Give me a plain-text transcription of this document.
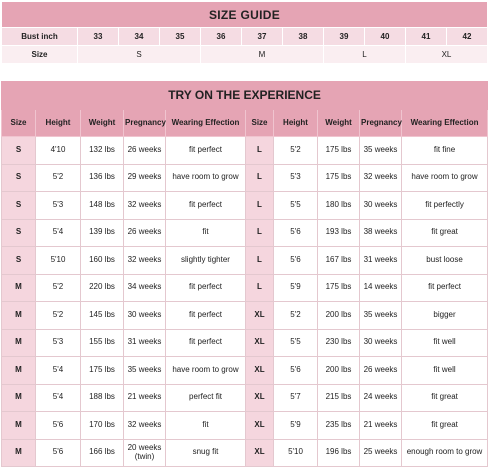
SIZE GUIDE										
Bust inch	33	34	35	36	37	38	39	40	41	42
Size	S			M			L		XL	
TRY ON THE EXPERIENCE									
Size	Height	Weight	Pregnancy	Wearing Effection	Size	Height	Weight	Pregnancy	Wearing Effection
S	4'10	132 lbs	26 weeks	fit perfect	L	5'2	175 lbs	35 weeks	fit fine
S	5'2	136 lbs	29 weeks	have room to grow	L	5'3	175 lbs	32 weeks	have room to grow
S	5'3	148 lbs	32 weeks	fit perfect	L	5'5	180 lbs	30 weeks	fit perfectly
S	5'4	139 lbs	26 weeks	fit	L	5'6	193 lbs	38 weeks	fit great
S	5'10	160 lbs	32 weeks	slightly tighter	L	5'6	167 lbs	31 weeks	bust loose
M	5'2	220 lbs	34 weeks	fit perfect	L	5'9	175 lbs	14 weeks	fit perfect
M	5'2	145 lbs	30 weeks	fit perfect	XL	5'2	200 lbs	35 weeks	bigger
M	5'3	155 lbs	31 weeks	fit perfect	XL	5'5	230 lbs	30 weeks	fit well
M	5'4	175 lbs	35 weeks	have room to grow	XL	5'6	200 lbs	26 weeks	fit well
M	5'4	188 lbs	21 weeks	perfect fit	XL	5'7	215 lbs	24 weeks	fit great
M	5'6	170 lbs	32 weeks	fit	XL	5'9	235 lbs	21 weeks	fit great
M	5'6	166 lbs	20 weeks (twin)	snug fit	XL	5'10	196 lbs	25 weeks	enough room to grow
